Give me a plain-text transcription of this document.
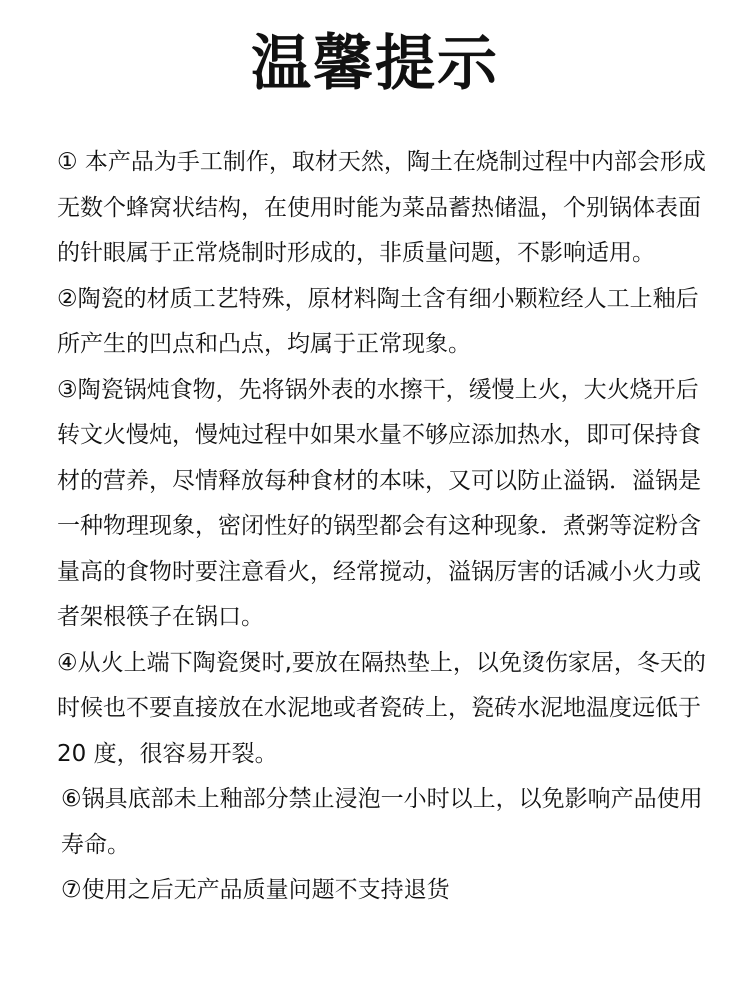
温馨提示

① 本产品为手工制作，取材天然，陶土在烧制过程中内部会形成无数个蜂窝状结构，在使用时能为菜品蓄热储温，个别锅体表面的针眼属于正常烧制时形成的，非质量问题，不影响适用。

②陶瓷的材质工艺特殊，原材料陶土含有细小颗粒经人工上釉后所产生的凹点和凸点，均属于正常现象。

③陶瓷锅炖食物，先将锅外表的水擦干，缓慢上火，大火烧开后转文火慢炖，慢炖过程中如果水量不够应添加热水，即可保持食材的营养，尽情释放每种食材的本味，又可以防止溢锅．溢锅是一种物理现象，密闭性好的锅型都会有这种现象．煮粥等淀粉含量高的食物时要注意看火，经常搅动，溢锅厉害的话减小火力或者架根筷子在锅口。

④从火上端下陶瓷煲时,要放在隔热垫上，以免烫伤家居，冬天的时候也不要直接放在水泥地或者瓷砖上，瓷砖水泥地温度远低于 20 度，很容易开裂。

⑥锅具底部未上釉部分禁止浸泡一小时以上，以免影响产品使用寿命。

⑦使用之后无产品质量问题不支持退货
